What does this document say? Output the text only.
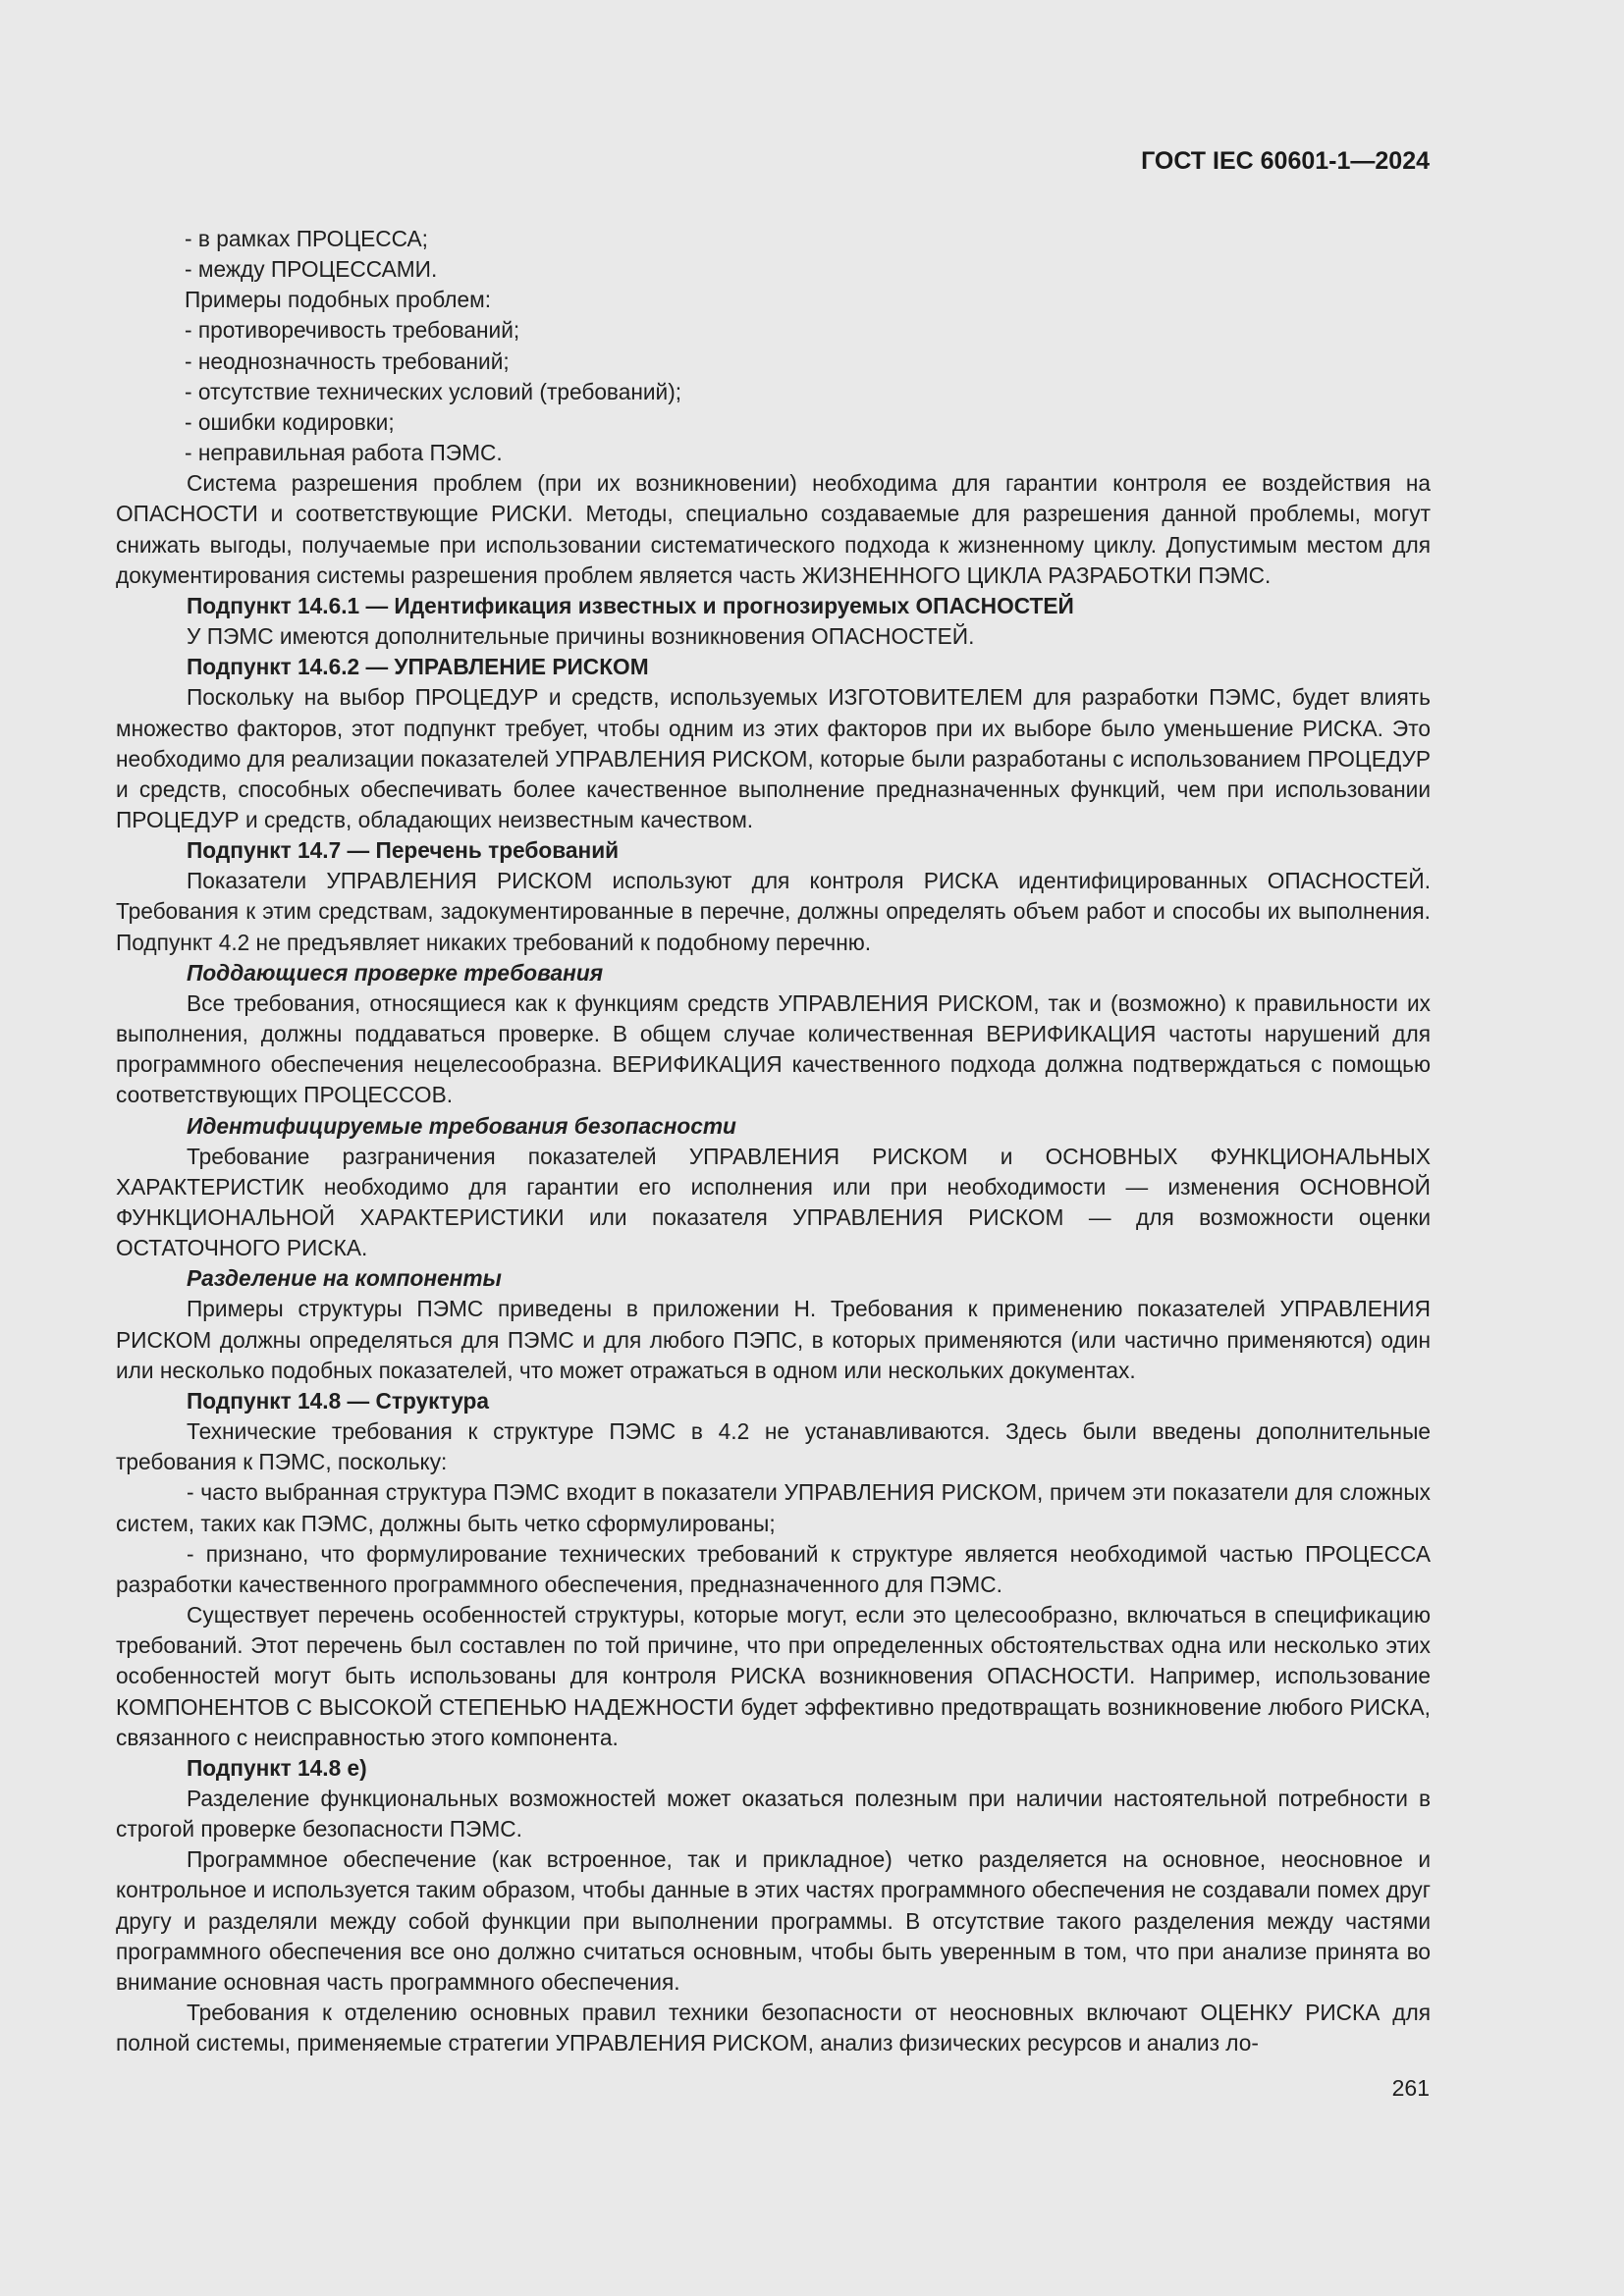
ГОСТ IEC 60601-1—2024

- в рамках ПРОЦЕССА;

- между ПРОЦЕССАМИ.

Примеры подобных проблем:

- противоречивость требований;

- неоднозначность требований;

- отсутствие технических условий (требований);

- ошибки кодировки;

- неправильная работа ПЭМС.

Система разрешения проблем (при их возникновении) необходима для гарантии контроля ее воздействия на ОПАСНОСТИ и соответствующие РИСКИ. Методы, специально создаваемые для разрешения данной проблемы, могут снижать выгоды, получаемые при использовании систематического подхода к жизненному циклу. Допустимым местом для документирования системы разрешения проблем является часть ЖИЗНЕННОГО ЦИКЛА РАЗРАБОТКИ ПЭМС.

Подпункт 14.6.1 — Идентификация известных и прогнозируемых ОПАСНОСТЕЙ

У ПЭМС имеются дополнительные причины возникновения ОПАСНОСТЕЙ.

Подпункт 14.6.2 — УПРАВЛЕНИЕ РИСКОМ

Поскольку на выбор ПРОЦЕДУР и средств, используемых ИЗГОТОВИТЕЛЕМ для разработки ПЭМС, будет влиять множество факторов, этот подпункт требует, чтобы одним из этих факторов при их выборе было уменьшение РИСКА. Это необходимо для реализации показателей УПРАВЛЕНИЯ РИСКОМ, которые были разработаны с использованием ПРОЦЕДУР и средств, способных обеспечивать более качественное выполнение предназначенных функций, чем при использовании ПРОЦЕДУР и средств, обладающих неизвестным качеством.

Подпункт 14.7 — Перечень требований

Показатели УПРАВЛЕНИЯ РИСКОМ используют для контроля РИСКА идентифицированных ОПАСНОСТЕЙ. Требования к этим средствам, задокументированные в перечне, должны определять объем работ и способы их выполнения. Подпункт 4.2 не предъявляет никаких требований к подобному перечню.

Поддающиеся проверке требования

Все требования, относящиеся как к функциям средств УПРАВЛЕНИЯ РИСКОМ, так и (возможно) к правильности их выполнения, должны поддаваться проверке. В общем случае количественная ВЕРИФИКАЦИЯ частоты нарушений для программного обеспечения нецелесообразна. ВЕРИФИКАЦИЯ качественного подхода должна подтверждаться с помощью соответствующих ПРОЦЕССОВ.

Идентифицируемые требования безопасности

Требование разграничения показателей УПРАВЛЕНИЯ РИСКОМ и ОСНОВНЫХ ФУНКЦИОНАЛЬНЫХ ХАРАКТЕРИСТИК необходимо для гарантии его исполнения или при необходимости — изменения ОСНОВНОЙ ФУНКЦИОНАЛЬНОЙ ХАРАКТЕРИСТИКИ или показателя УПРАВЛЕНИЯ РИСКОМ — для возможности оценки ОСТАТОЧНОГО РИСКА.

Разделение на компоненты

Примеры структуры ПЭМС приведены в приложении Н. Требования к применению показателей УПРАВЛЕНИЯ РИСКОМ должны определяться для ПЭМС и для любого ПЭПС, в которых применяются (или частично применяются) один или несколько подобных показателей, что может отражаться в одном или нескольких документах.

Подпункт 14.8 — Структура

Технические требования к структуре ПЭМС в 4.2 не устанавливаются. Здесь были введены дополнительные требования к ПЭМС, поскольку:

- часто выбранная структура ПЭМС входит в показатели УПРАВЛЕНИЯ РИСКОМ, причем эти показатели для сложных систем, таких как ПЭМС, должны быть четко сформулированы;

- признано, что формулирование технических требований к структуре является необходимой частью ПРОЦЕССА разработки качественного программного обеспечения, предназначенного для ПЭМС.

Существует перечень особенностей структуры, которые могут, если это целесообразно, включаться в спецификацию требований. Этот перечень был составлен по той причине, что при определенных обстоятельствах одна или несколько этих особенностей могут быть использованы для контроля РИСКА возникновения ОПАСНОСТИ. Например, использование КОМПОНЕНТОВ С ВЫСОКОЙ СТЕПЕНЬЮ НАДЕЖНОСТИ будет эффективно предотвращать возникновение любого РИСКА, связанного с неисправностью этого компонента.

Подпункт 14.8 е)

Разделение функциональных возможностей может оказаться полезным при наличии настоятельной потребности в строгой проверке безопасности ПЭМС.

Программное обеспечение (как встроенное, так и прикладное) четко разделяется на основное, неосновное и контрольное и используется таким образом, чтобы данные в этих частях программного обеспечения не создавали помех друг другу и разделяли между собой функции при выполнении программы. В отсутствие такого разделения между частями программного обеспечения все оно должно считаться основным, чтобы быть уверенным в том, что при анализе принята во внимание основная часть программного обеспечения.

Требования к отделению основных правил техники безопасности от неосновных включают ОЦЕНКУ РИСКА для полной системы, применяемые стратегии УПРАВЛЕНИЯ РИСКОМ, анализ физических ресурсов и анализ ло-

261
